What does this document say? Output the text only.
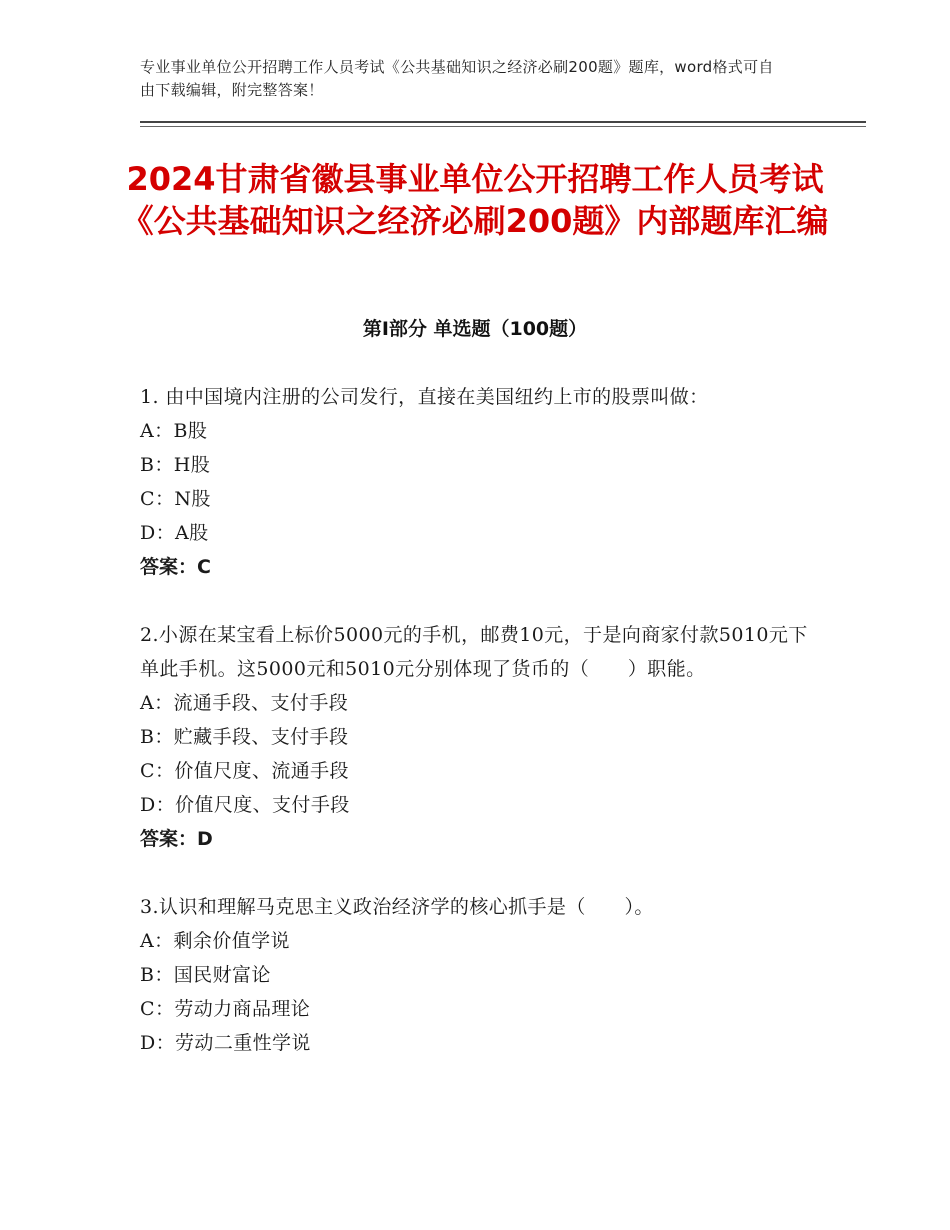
专业事业单位公开招聘工作人员考试《公共基础知识之经济必刷200题》题库，word格式可自由下载编辑，附完整答案！
2024甘肃省徽县事业单位公开招聘工作人员考试《公共基础知识之经济必刷200题》内部题库汇编
第Ⅰ部分 单选题（100题）
1. 由中国境内注册的公司发行，直接在美国纽约上市的股票叫做：
A：B股
B：H股
C：N股
D：A股
答案：C
2.小源在某宝看上标价5000元的手机，邮费10元，于是向商家付款5010元下单此手机。这5000元和5010元分别体现了货币的（　　）职能。
A：流通手段、支付手段
B：贮藏手段、支付手段
C：价值尺度、流通手段
D：价值尺度、支付手段
答案：D
3.认识和理解马克思主义政治经济学的核心抓手是（　　）。
A：剩余价值学说
B：国民财富论
C：劳动力商品理论
D：劳动二重性学说
